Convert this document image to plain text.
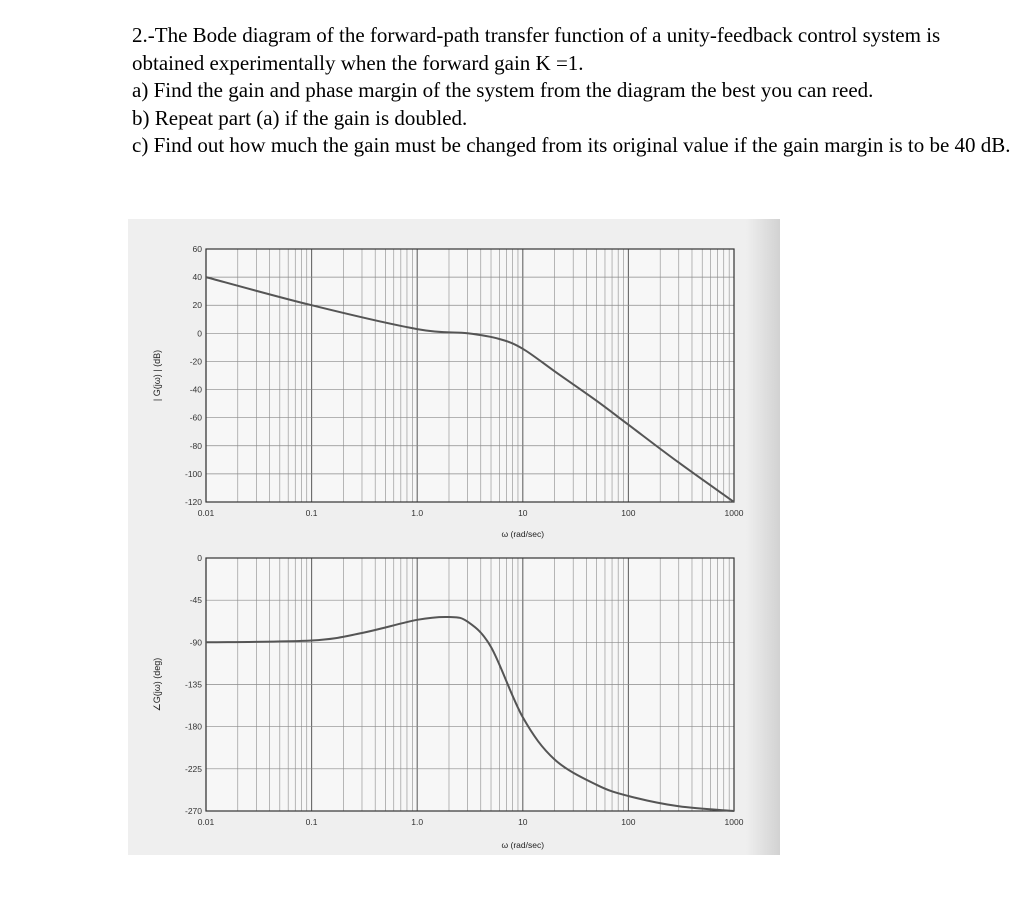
2.-The Bode diagram of the forward-path transfer function of a unity-feedback control system is obtained experimentally when the forward gain K =1.

a) Find the gain and phase margin of the system from the diagram the best you can reed.

b) Repeat part (a) if the gain is doubled.

c) Find out how much the gain must be changed from its original value if the gain margin is to be 40 dB.

60
40
20
0
-20
-40
-60
-80
-100
-120
0.01	0.1	1.0	10	100	1000
ω (rad/sec)
| G(jω) | (dB)
0
-45
-90
-135
-180
-225
-270
0.01	0.1	1.0	10	100	1000
ω (rad/sec)
∠G(jω) (deg)
